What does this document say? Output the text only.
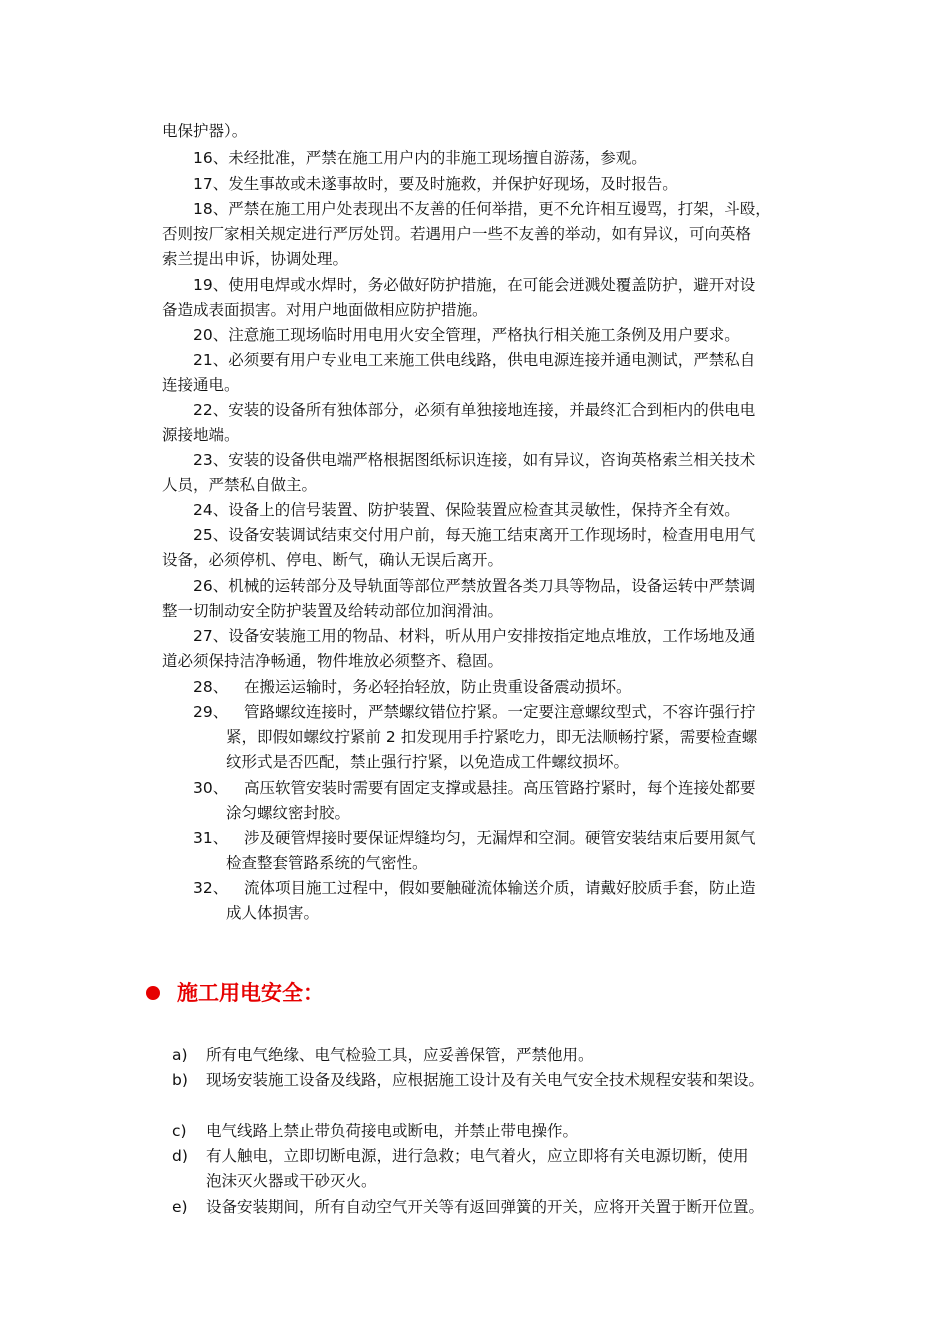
电保护器）。
16、未经批准，严禁在施工用户内的非施工现场擅自游荡，参观。
17、发生事故或未遂事故时，要及时施救，并保护好现场，及时报告。
18、严禁在施工用户处表现出不友善的任何举措，更不允许相互谩骂，打架，斗殴，
否则按厂家相关规定进行严厉处罚。若遇用户一些不友善的举动，如有异议，可向英格
索兰提出申诉，协调处理。
19、使用电焊或水焊时，务必做好防护措施，在可能会迸溅处覆盖防护，避开对设
备造成表面损害。对用户地面做相应防护措施。
20、注意施工现场临时用电用火安全管理，严格执行相关施工条例及用户要求。
21、必须要有用户专业电工来施工供电线路，供电电源连接并通电测试，严禁私自
连接通电。
22、安装的设备所有独体部分，必须有单独接地连接，并最终汇合到柜内的供电电
源接地端。
23、安装的设备供电端严格根据图纸标识连接，如有异议，咨询英格索兰相关技术
人员，严禁私自做主。
24、设备上的信号装置、防护装置、保险装置应检查其灵敏性，保持齐全有效。
25、设备安装调试结束交付用户前，每天施工结束离开工作现场时，检查用电用气
设备，必须停机、停电、断气，确认无误后离开。
26、机械的运转部分及导轨面等部位严禁放置各类刀具等物品，设备运转中严禁调
整一切制动安全防护装置及给转动部位加润滑油。
27、设备安装施工用的物品、材料，听从用户安排按指定地点堆放，工作场地及通
道必须保持洁净畅通，物件堆放必须整齐、稳固。
28、 在搬运运输时，务必轻抬轻放，防止贵重设备震动损坏。
29、 管路螺纹连接时，严禁螺纹错位拧紧。一定要注意螺纹型式，不容许强行拧
紧，即假如螺纹拧紧前 2 扣发现用手拧紧吃力，即无法顺畅拧紧，需要检查螺
纹形式是否匹配，禁止强行拧紧，以免造成工件螺纹损坏。
30、 高压软管安装时需要有固定支撑或悬挂。高压管路拧紧时，每个连接处都要
涂匀螺纹密封胶。
31、 涉及硬管焊接时要保证焊缝均匀，无漏焊和空洞。硬管安装结束后要用氮气
检查整套管路系统的气密性。
32、 流体项目施工过程中，假如要触碰流体输送介质，请戴好胶质手套，防止造
成人体损害。
a) 所有电气绝缘、电气检验工具，应妥善保管，严禁他用。
b) 现场安装施工设备及线路，应根据施工设计及有关电气安全技术规程安装和架设。
c) 电气线路上禁止带负荷接电或断电，并禁止带电操作。
d) 有人触电，立即切断电源，进行急救；电气着火，应立即将有关电源切断，使用
泡沫灭火器或干砂灭火。
e) 设备安装期间，所有自动空气开关等有返回弹簧的开关，应将开关置于断开位置。
施工用电安全：
